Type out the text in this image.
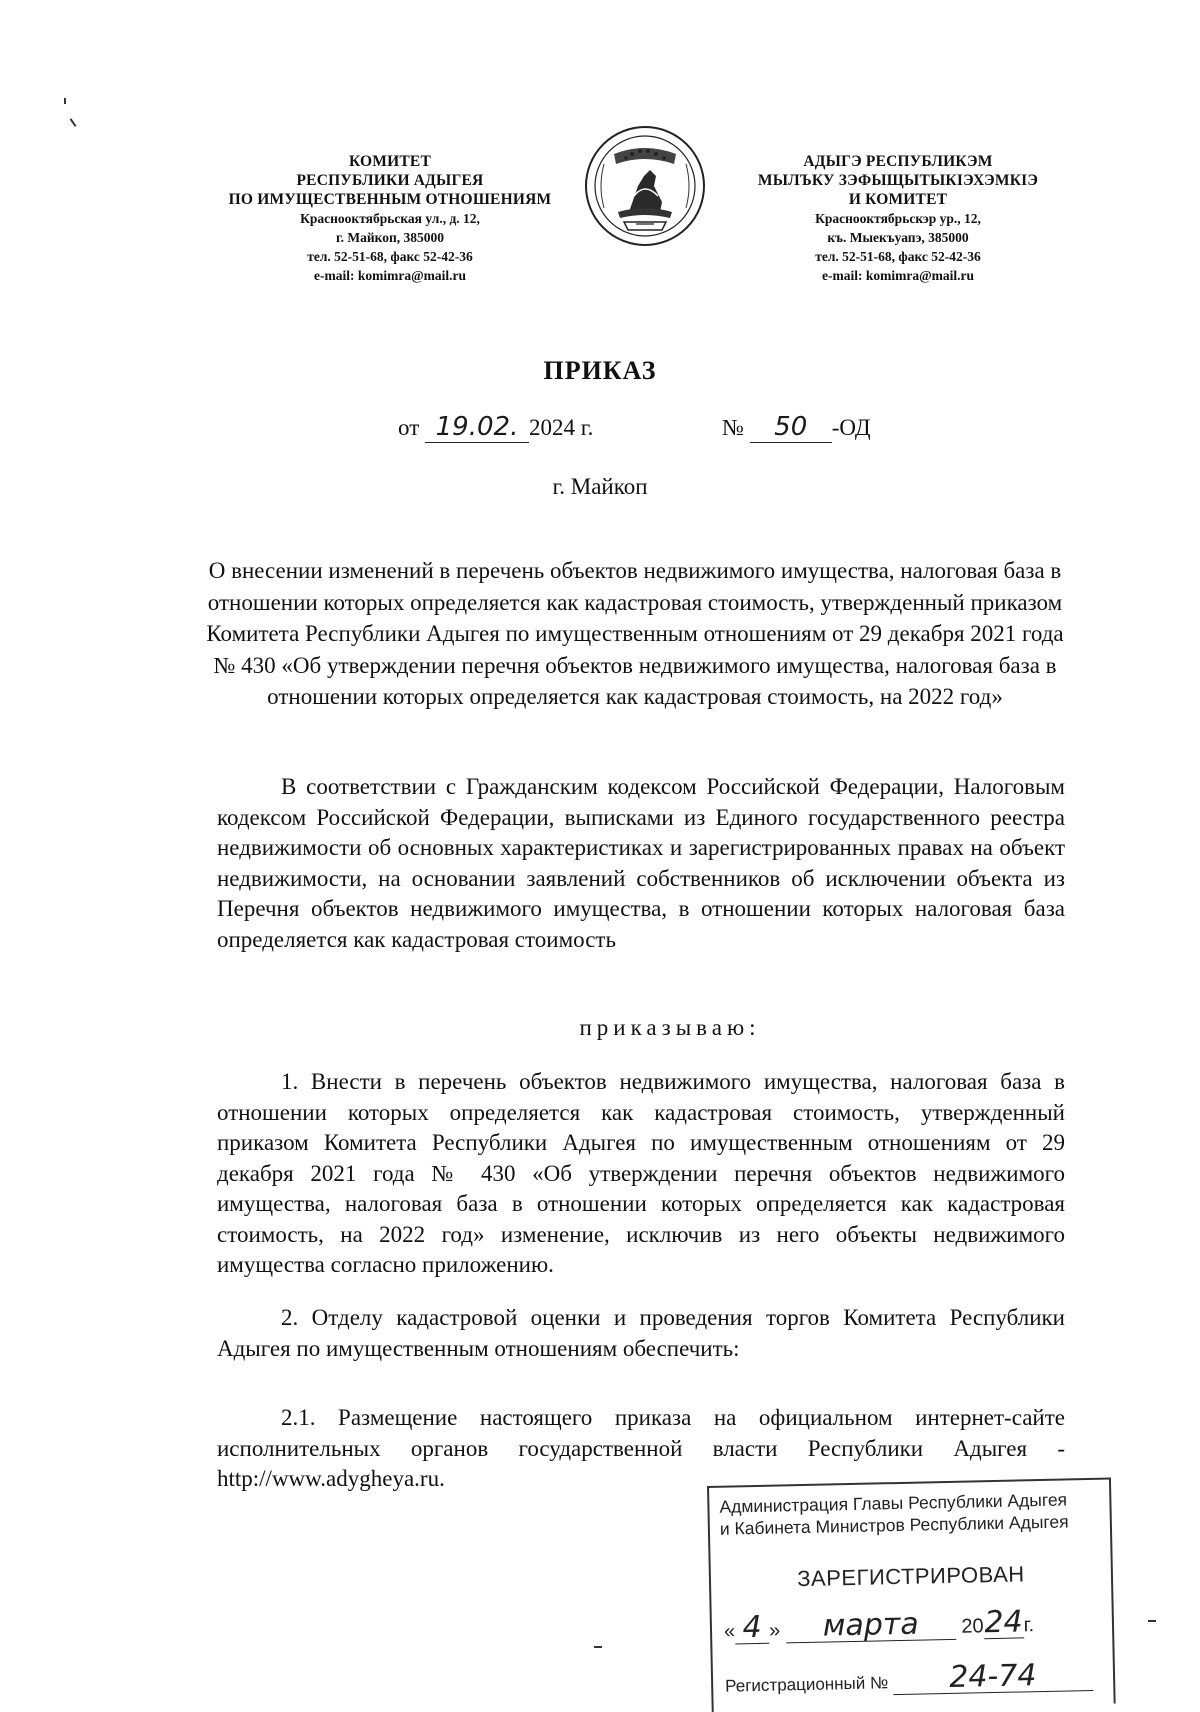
КОМИТЕТ
РЕСПУБЛИКИ АДЫГЕЯ
ПО ИМУЩЕСТВЕННЫМ ОТНОШЕНИЯМ
Краснооктябрьская ул., д. 12,
г. Майкоп, 385000
тел. 52-51-68, факс 52-42-36
e-mail: komimra@mail.ru
АДЫГЭ РЕСПУБЛИКЭМ
МЫЛЪКУ ЗЭФЫЩЫТЫКIЭХЭМКIЭ
И КОМИТЕТ
Краснооктябрьскэр ур., 12,
къ. Мыекъуапэ, 385000
тел. 52-51-68, факс 52-42-36
e-mail: komimra@mail.ru
ПРИКАЗ
от 19.02. 2024 г.	№ 50 -ОД
г. Майкоп
О внесении изменений в перечень объектов недвижимого имущества, налоговая база в отношении которых определяется как кадастровая стоимость, утвержденный приказом Комитета Республики Адыгея по имущественным отношениям от 29 декабря 2021 года № 430 «Об утверждении перечня объектов недвижимого имущества, налоговая база в отношении которых определяется как кадастровая стоимость, на 2022 год»

В соответствии с Гражданским кодексом Российской Федерации, Налоговым кодексом Российской Федерации, выписками из Единого государственного реестра недвижимости об основных характеристиках и зарегистрированных правах на объект недвижимости, на основании заявлений собственников об исключении объекта из Перечня объектов недвижимого имущества, в отношении которых налоговая база определяется как кадастровая стоимость

приказываю:

1. Внести в перечень объектов недвижимого имущества, налоговая база в отношении которых определяется как кадастровая стоимость, утвержденный приказом Комитета Республики Адыгея по имущественным отношениям от 29 декабря 2021 года № 430 «Об утверждении перечня объектов недвижимого имущества, налоговая база в отношении которых определяется как кадастровая стоимость, на 2022 год» изменение, исключив из него объекты недвижимого имущества согласно приложению.

2. Отделу кадастровой оценки и проведения торгов Комитета Республики Адыгея по имущественным отношениям обеспечить:

2.1. Размещение настоящего приказа на официальном интернет-сайте исполнительных органов государственной власти Республики Адыгея - http://www.adygheya.ru.

Администрация Главы Республики Адыгея
и Кабинета Министров Республики Адыгея
ЗАРЕГИСТРИРОВАН
« 4 » марта 2024г.
Регистрационный № 24-74
